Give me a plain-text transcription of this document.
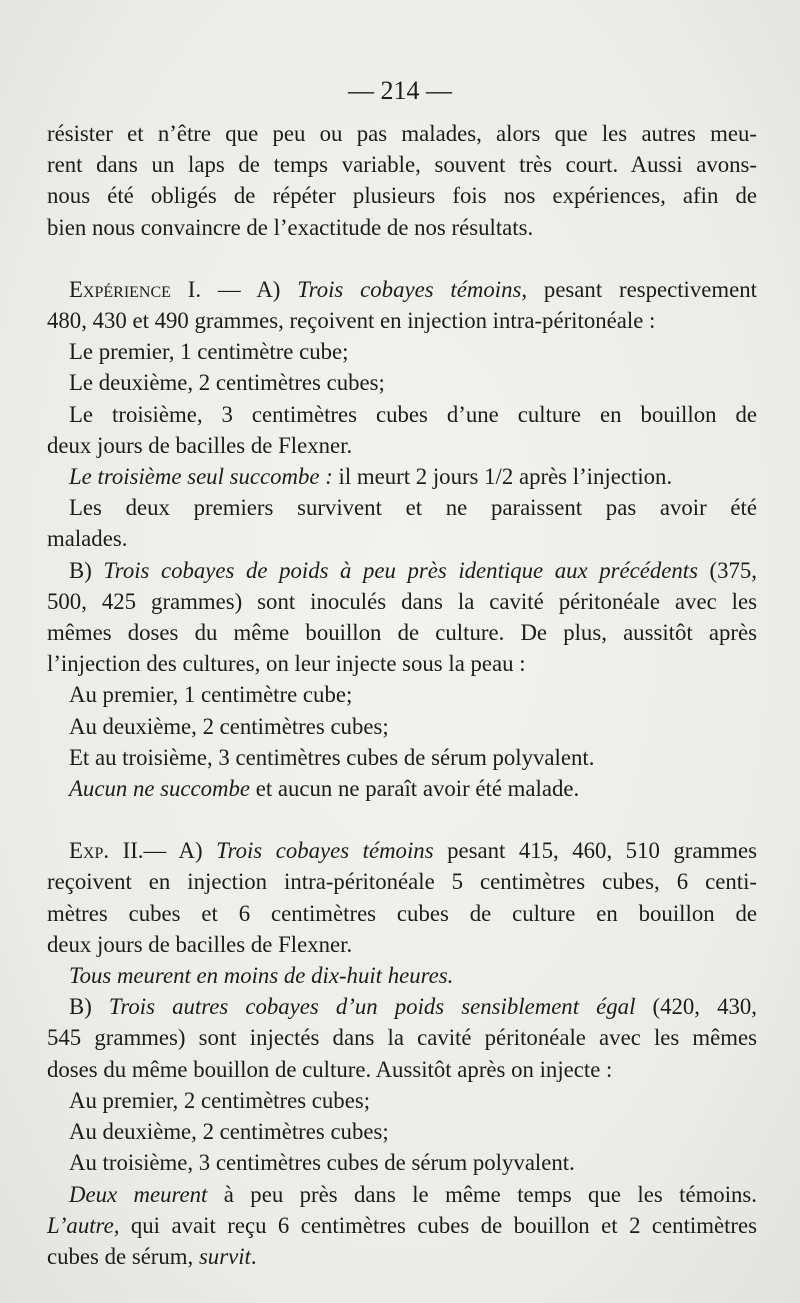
— 214 —

résister et n’être que peu ou pas malades, alors que les autres meu-

rent dans un laps de temps variable, souvent très court. Aussi avons-

nous été obligés de répéter plusieurs fois nos expériences, afin de

bien nous convaincre de l’exactitude de nos résultats.

Expérience I. — A) Trois cobayes témoins, pesant respectivement

480, 430 et 490 grammes, reçoivent en injection intra-péritonéale :

Le premier, 1 centimètre cube;

Le deuxième, 2 centimètres cubes;

Le troisième, 3 centimètres cubes d’une culture en bouillon de

deux jours de bacilles de Flexner.

Le troisième seul succombe : il meurt 2 jours 1/2 après l’injection.

Les deux premiers survivent et ne paraissent pas avoir été

malades.

B) Trois cobayes de poids à peu près identique aux précédents (375,

500, 425 grammes) sont inoculés dans la cavité péritonéale avec les

mêmes doses du même bouillon de culture. De plus, aussitôt après

l’injection des cultures, on leur injecte sous la peau :

Au premier, 1 centimètre cube;

Au deuxième, 2 centimètres cubes;

Et au troisième, 3 centimètres cubes de sérum polyvalent.

Aucun ne succombe et aucun ne paraît avoir été malade.

Exp. II.— A) Trois cobayes témoins pesant 415, 460, 510 grammes

reçoivent en injection intra-péritonéale 5 centimètres cubes, 6 centi-

mètres cubes et 6 centimètres cubes de culture en bouillon de

deux jours de bacilles de Flexner.

Tous meurent en moins de dix-huit heures.

B) Trois autres cobayes d’un poids sensiblement égal (420, 430,

545 grammes) sont injectés dans la cavité péritonéale avec les mêmes

doses du même bouillon de culture. Aussitôt après on injecte :

Au premier, 2 centimètres cubes;

Au deuxième, 2 centimètres cubes;

Au troisième, 3 centimètres cubes de sérum polyvalent.

Deux meurent à peu près dans le même temps que les témoins.

L’autre, qui avait reçu 6 centimètres cubes de bouillon et 2 centimètres

cubes de sérum, survit.
